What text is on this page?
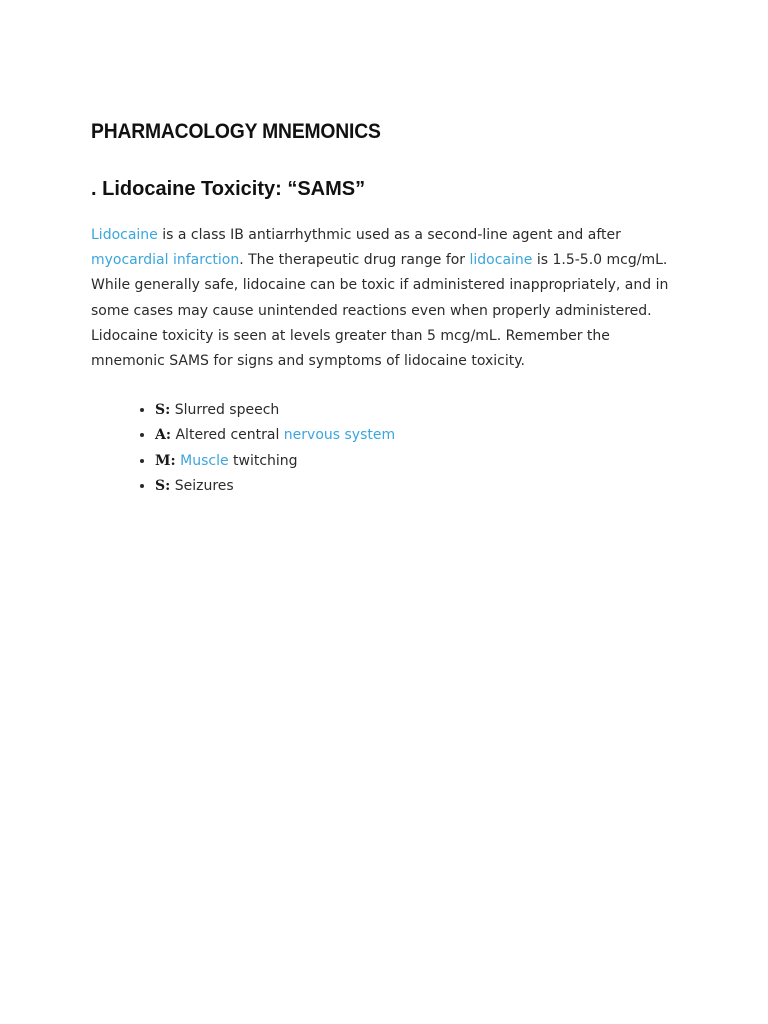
PHARMACOLOGY MNEMONICS
. Lidocaine Toxicity: “SAMS”

Lidocaine is a class IB antiarrhythmic used as a second-line agent and after myocardial infarction. The therapeutic drug range for lidocaine is 1.5-5.0 mcg/mL. While generally safe, lidocaine can be toxic if administered inappropriately, and in some cases may cause unintended reactions even when properly administered. Lidocaine toxicity is seen at levels greater than 5 mcg/mL. Remember the mnemonic SAMS for signs and symptoms of lidocaine toxicity.

• S: Slurred speech
• A: Altered central nervous system
• M: Muscle twitching
• S: Seizures
